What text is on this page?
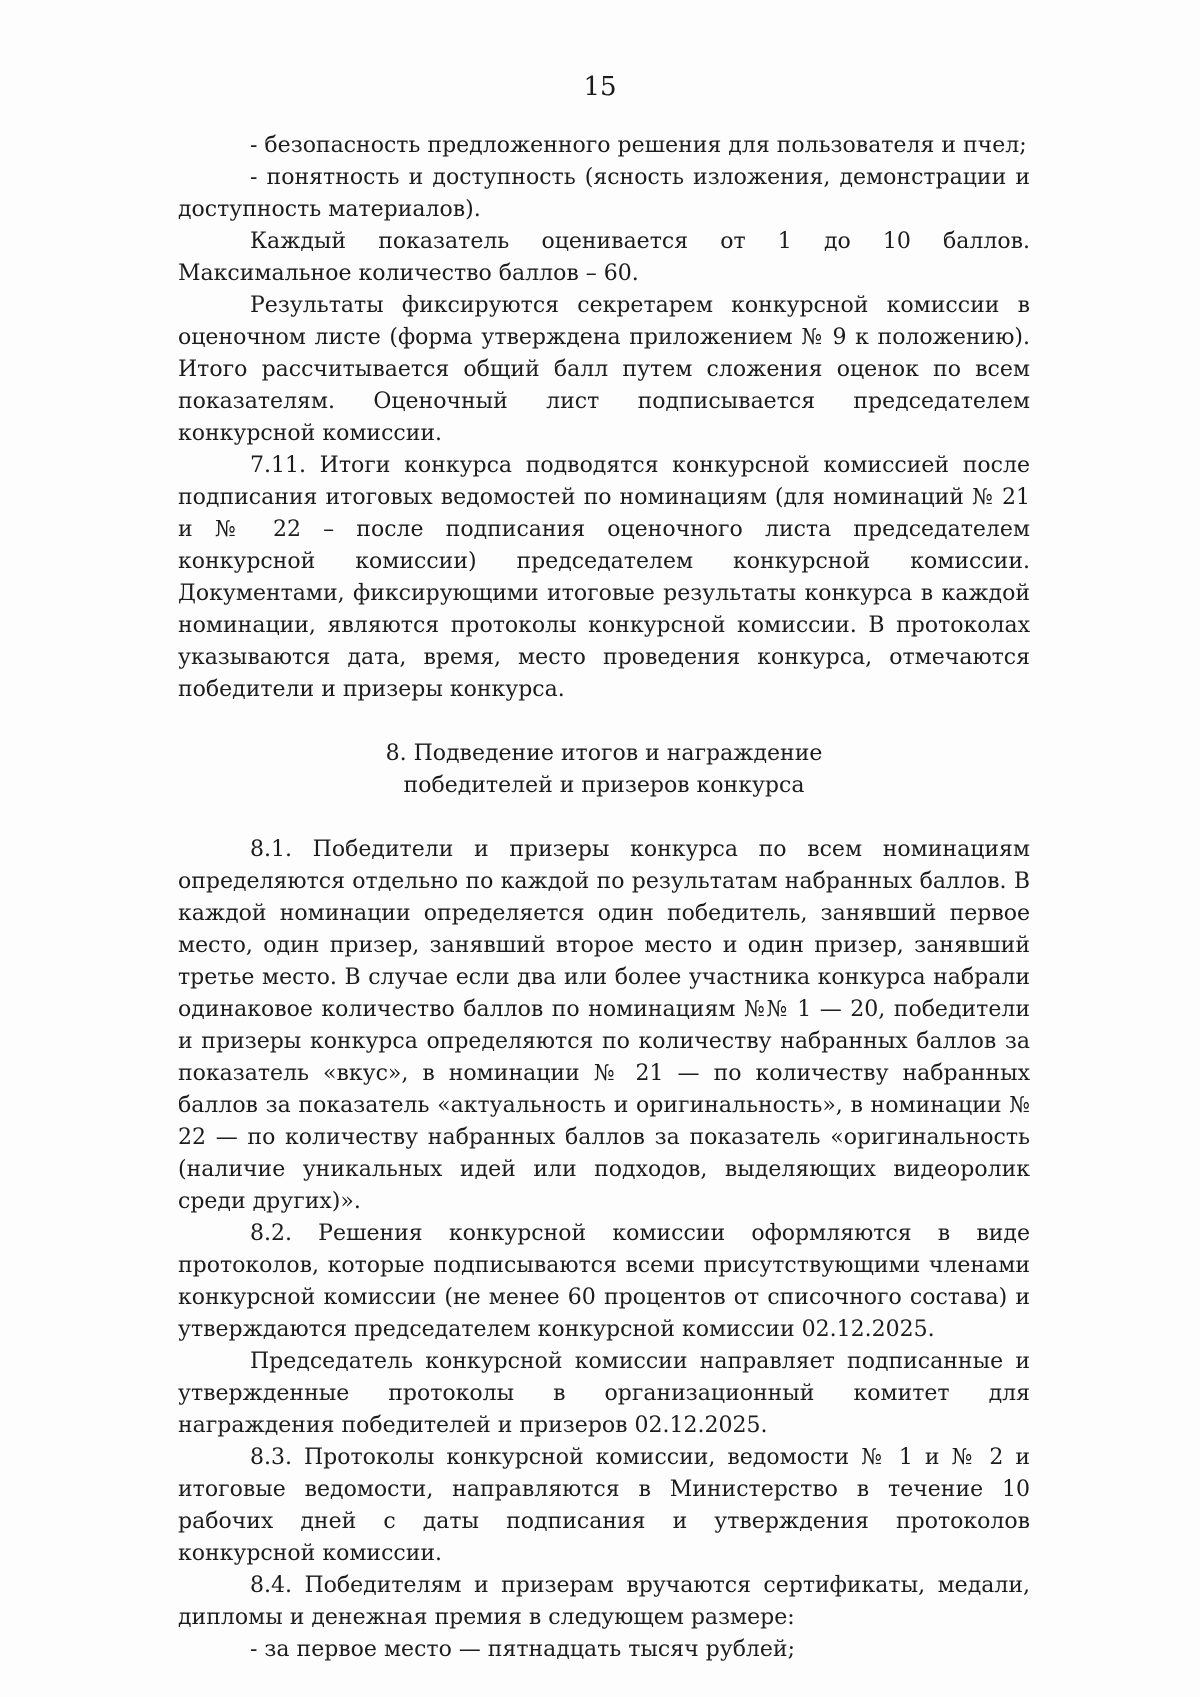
15

- безопасность предложенного решения для пользователя и пчел;

- понятность и доступность (ясность изложения, демонстрации и доступность материалов).

Каждый показатель оценивается от 1 до 10 баллов. Максимальное количество баллов – 60.

Результаты фиксируются секретарем конкурсной комиссии в оценочном листе (форма утверждена приложением № 9 к положению). Итого рассчитывается общий балл путем сложения оценок по всем показателям. Оценочный лист подписывается председателем конкурсной комиссии.

7.11. Итоги конкурса подводятся конкурсной комиссией после подписания итоговых ведомостей по номинациям (для номинаций № 21 и № 22 – после подписания оценочного листа председателем конкурсной комиссии) председателем конкурсной комиссии. Документами, фиксирующими итоговые результаты конкурса в каждой номинации, являются протоколы конкурсной комиссии. В протоколах указываются дата, время, место проведения конкурса, отмечаются победители и призеры конкурса.

8. Подведение итогов и награждение
победителей и призеров конкурса

8.1. Победители и призеры конкурса по всем номинациям определяются отдельно по каждой по результатам набранных баллов. В каждой номинации определяется один победитель, занявший первое место, один призер, занявший второе место и один призер, занявший третье место. В случае если два или более участника конкурса набрали одинаковое количество баллов по номинациям №№ 1 — 20, победители и призеры конкурса определяются по количеству набранных баллов за показатель «вкус», в номинации № 21 — по количеству набранных баллов за показатель «актуальность и оригинальность», в номинации № 22 — по количеству набранных баллов за показатель «оригинальность (наличие уникальных идей или подходов, выделяющих видеоролик среди других)».

8.2. Решения конкурсной комиссии оформляются в виде протоколов, которые подписываются всеми присутствующими членами конкурсной комиссии (не менее 60 процентов от списочного состава) и утверждаются председателем конкурсной комиссии 02.12.2025.

Председатель конкурсной комиссии направляет подписанные и утвержденные протоколы в организационный комитет для награждения победителей и призеров 02.12.2025.

8.3. Протоколы конкурсной комиссии, ведомости № 1 и № 2 и итоговые ведомости, направляются в Министерство в течение 10 рабочих дней с даты подписания и утверждения протоколов конкурсной комиссии.

8.4. Победителям и призерам вручаются сертификаты, медали, дипломы и денежная премия в следующем размере:

- за первое место — пятнадцать тысяч рублей;
